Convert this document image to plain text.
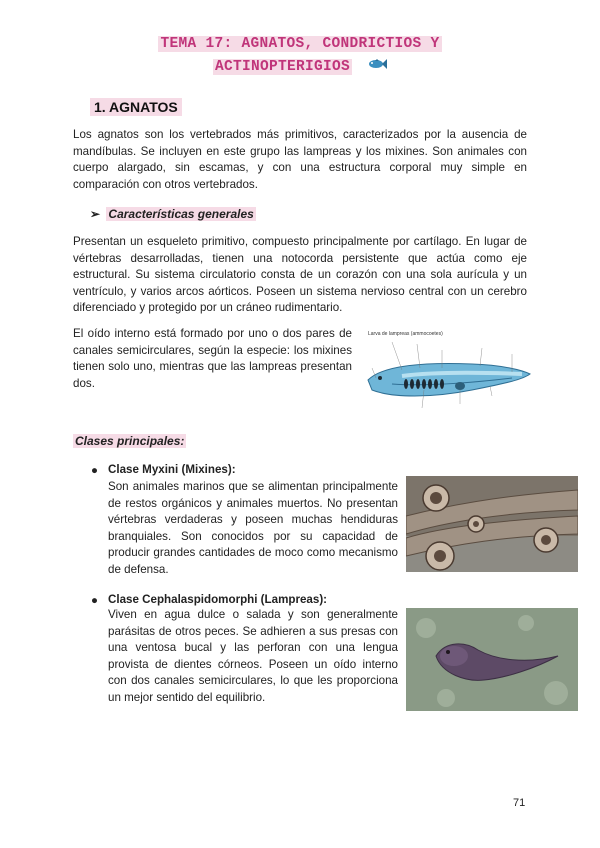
TEMA 17: AGNATOS, CONDRICTIOS Y
ACTINOPTERIGIOS
1. AGNATOS

Los agnatos son los vertebrados más primitivos, caracterizados por la ausencia de mandíbulas. Se incluyen en este grupo las lampreas y los mixines. Son animales con cuerpo alargado, sin escamas, y con una estructura corporal muy simple en comparación con otros vertebrados.

➢ Características generales

Presentan un esqueleto primitivo, compuesto principalmente por cartílago. En lugar de vértebras desarrolladas, tienen una notocorda persistente que actúa como eje estructural. Su sistema circulatorio consta de un corazón con una sola aurícula y un ventrículo, y varios arcos aórticos. Poseen un sistema nervioso central con un cerebro diferenciado y protegido por un cráneo rudimentario.

El oído interno está formado por uno o dos pares de canales semicirculares, según la especie: los mixines tienen solo uno, mientras que las lampreas presentan dos.

Larva de lampreas (ammocoetes)
Clases principales:
● Clase Myxini (Mixines):

Son animales marinos que se alimentan principalmente de restos orgánicos y animales muertos. No presentan vértebras verdaderas y poseen muchas hendiduras branquiales. Son conocidos por su capacidad de producir grandes cantidades de moco como mecanismo de defensa.

● Clase Cephalaspidomorphi (Lampreas):

Viven en agua dulce o salada y son generalmente parásitas de otros peces. Se adhieren a sus presas con una ventosa bucal y las perforan con una lengua provista de dientes córneos. Poseen un oído interno con dos canales semicirculares, lo que les proporciona un mejor sentido del equilibrio.

71
